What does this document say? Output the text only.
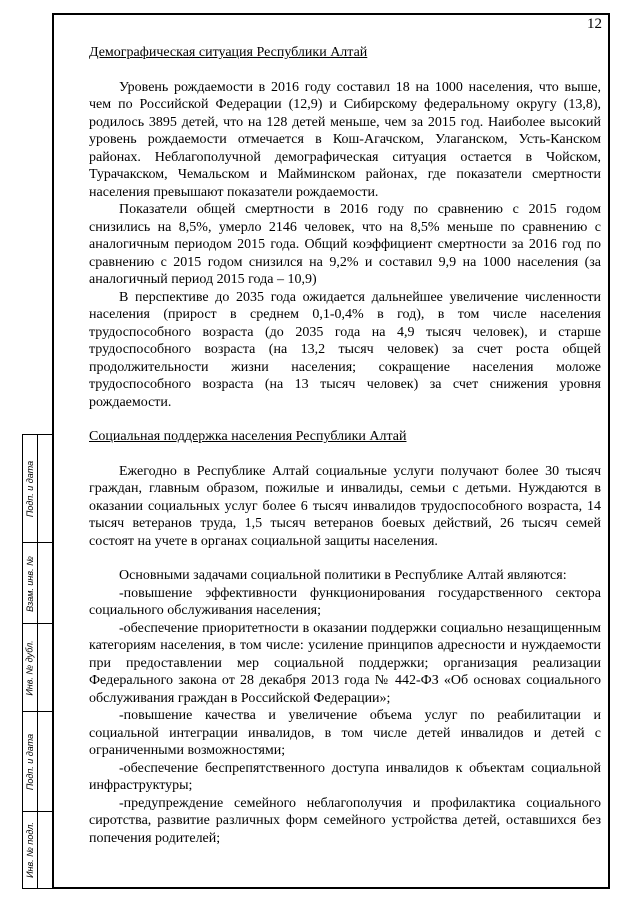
12
Подп. и дата
Взам. инв. №
Инв. № дубл.
Подп. и дата
Инв. № подл.

Демографическая ситуация Республики Алтай

Уровень рождаемости в 2016 году составил 18 на 1000 населения, что выше, чем по Российской Федерации (12,9) и Сибирскому федеральному округу (13,8), родилось 3895 детей, что на 128 детей меньше, чем за 2015 год. Наиболее высокий уровень рождаемости отмечается в Кош-Агачском, Улаганском, Усть-Канском районах. Неблагополучной демографическая ситуация остается в Чойском, Турачакском, Чемальском и Майминском районах, где показатели смертности населения превышают показатели рождаемости.

Показатели общей смертности в 2016 году по сравнению с 2015 годом снизились на 8,5%, умерло 2146 человек, что на 8,5% меньше по сравнению с аналогичным периодом 2015 года. Общий коэффициент смертности за 2016 год по сравнению с 2015 годом снизился на 9,2% и составил 9,9 на 1000 населения (за аналогичный период 2015 года – 10,9)

В перспективе до 2035 года ожидается дальнейшее увеличение численности населения (прирост в среднем 0,1-0,4% в год), в том числе населения трудоспособного возраста (до 2035 года на 4,9 тысяч человек), и старше трудоспособного возраста (на 13,2 тысяч человек) за счет роста общей продолжительности жизни населения; сокращение населения моложе трудоспособного возраста (на 13 тысяч человек) за счет снижения уровня рождаемости.

Социальная поддержка населения Республики Алтай

Ежегодно в Республике Алтай социальные услуги получают более 30 тысяч граждан, главным образом, пожилые и инвалиды, семьи с детьми. Нуждаются в оказании социальных услуг более 6 тысяч инвалидов трудоспособного возраста, 14 тысяч ветеранов труда, 1,5 тысяч ветеранов боевых действий, 26 тысяч семей состоят на учете в органах социальной защиты населения.

Основными задачами социальной политики в Республике Алтай являются:

-повышение эффективности функционирования государственного сектора социального обслуживания населения;

-обеспечение приоритетности в оказании поддержки социально незащищенным категориям населения, в том числе: усиление принципов адресности и нуждаемости при предоставлении мер социальной поддержки; организация реализации Федерального закона от 28 декабря 2013 года № 442-ФЗ «Об основах социального обслуживания граждан в Российской Федерации»;

-повышение качества и увеличение объема услуг по реабилитации и социальной интеграции инвалидов, в том числе детей инвалидов и детей с ограниченными возможностями;

-обеспечение беспрепятственного доступа инвалидов к объектам социальной инфраструктуры;

-предупреждение семейного неблагополучия и профилактика социального сиротства, развитие различных форм семейного устройства детей, оставшихся без попечения родителей;
